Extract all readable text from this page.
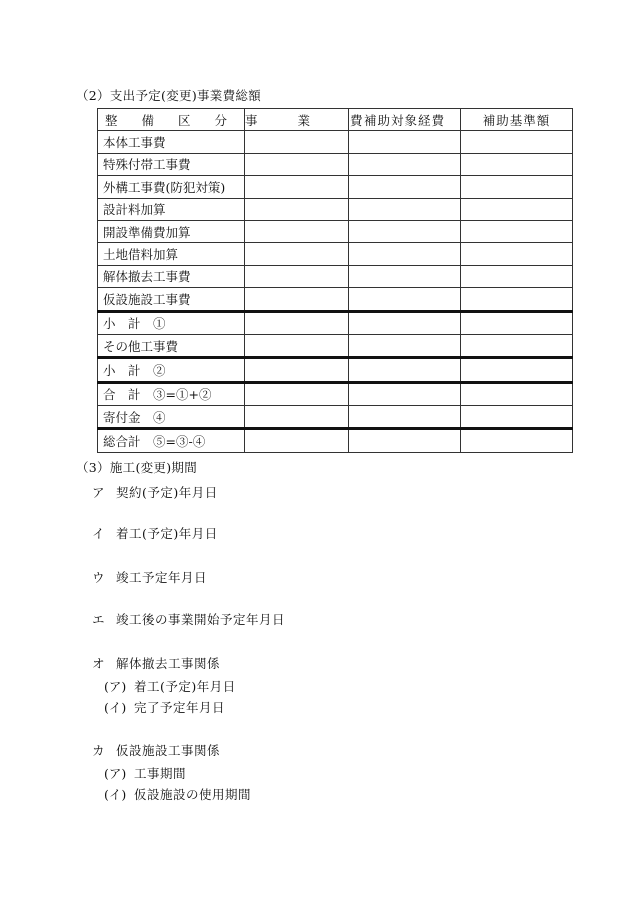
（2）支出予定(変更)事業費総額
整 備 区 分	事 業 費	補助対象経費	補助基準額
本体工事費			
特殊付帯工事費			
外構工事費(防犯対策)			
設計料加算			
開設準備費加算			
土地借料加算			
解体撤去工事費			
仮設施設工事費			
小　計　①			
その他工事費			
小　計　②			
合　計　③=①+②			
寄付金　④			
総合計　⑤=③-④			
（3）施工(変更)期間
ア 契約(予定)年月日
イ 着工(予定)年月日
ウ 竣工予定年月日
エ 竣工後の事業開始予定年月日
オ 解体撤去工事関係
(ア) 着工(予定)年月日
(イ) 完了予定年月日
カ 仮設施設工事関係
(ア) 工事期間
(イ) 仮設施設の使用期間
